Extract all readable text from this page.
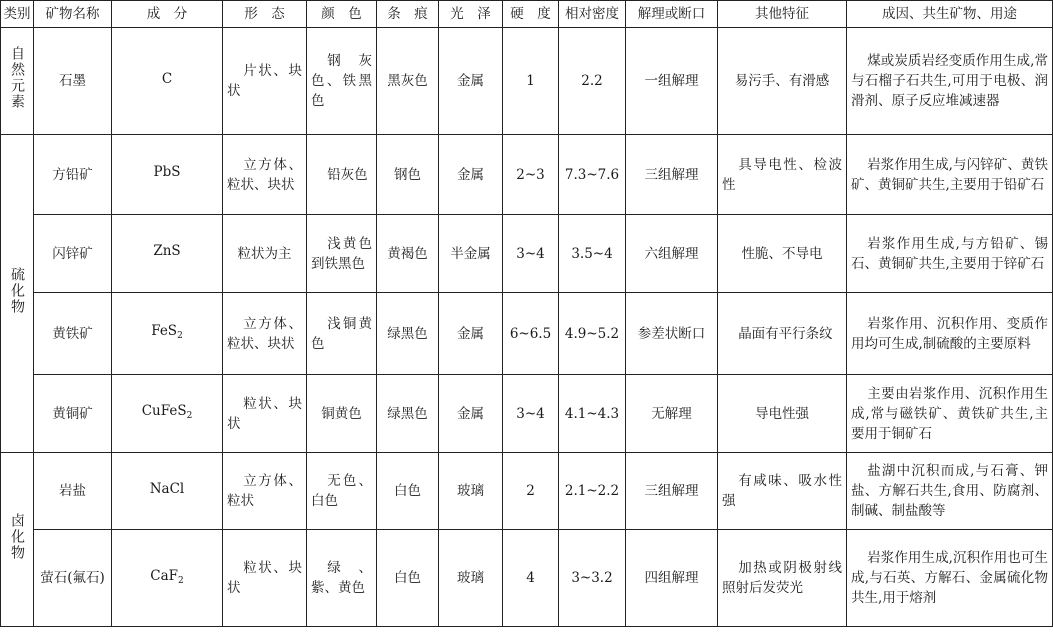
类别	矿物名称	成　分	形　态	颜　色	条　痕	光　泽	硬　度	相对密度	解理或断口	其他特征	成因、共生矿物、用途
自然元素	石墨	C	片状、块状	钢灰色、铁黑色	黑灰色	金属	1	2.2	一组解理	易污手、有滑感	煤或炭质岩经变质作用生成,常与石榴子石共生,可用于电极、润滑剂、原子反应堆减速器
硫化物	方铅矿	PbS	立方体、粒状、块状	铅灰色	钢色	金属	2~3	7.3~7.6	三组解理	具导电性、检波性	岩浆作用生成,与闪锌矿、黄铁矿、黄铜矿共生,主要用于铅矿石
	闪锌矿	ZnS	粒状为主	浅黄色到铁黑色	黄褐色	半金属	3~4	3.5~4	六组解理	性脆、不导电	岩浆作用生成,与方铅矿、锡石、黄铜矿共生,主要用于锌矿石
	黄铁矿	FeS$_2$	立方体、粒状、块状	浅铜黄色	绿黑色	金属	6~6.5	4.9~5.2	参差状断口	晶面有平行条纹	岩浆作用、沉积作用、变质作用均可生成,制硫酸的主要原料
	黄铜矿	CuFeS$_2$	粒状、块状	铜黄色	绿黑色	金属	3~4	4.1~4.3	无解理	导电性强	主要由岩浆作用、沉积作用生成,常与磁铁矿、黄铁矿共生,主要用于铜矿石
卤化物	岩盐	NaCl	立方体、粒状	无色、白色	白色	玻璃	2	2.1~2.2	三组解理	有咸味、吸水性强	盐湖中沉积而成,与石膏、钾盐、方解石共生,食用、防腐剂、制碱、制盐酸等
	萤石(氟石)	CaF$_2$	粒状、块状	绿、紫、黄色	白色	玻璃	4	3~3.2	四组解理	加热或阴极射线照射后发荧光	岩浆作用生成,沉积作用也可生成,与石英、方解石、金属硫化物共生,用于熔剂
